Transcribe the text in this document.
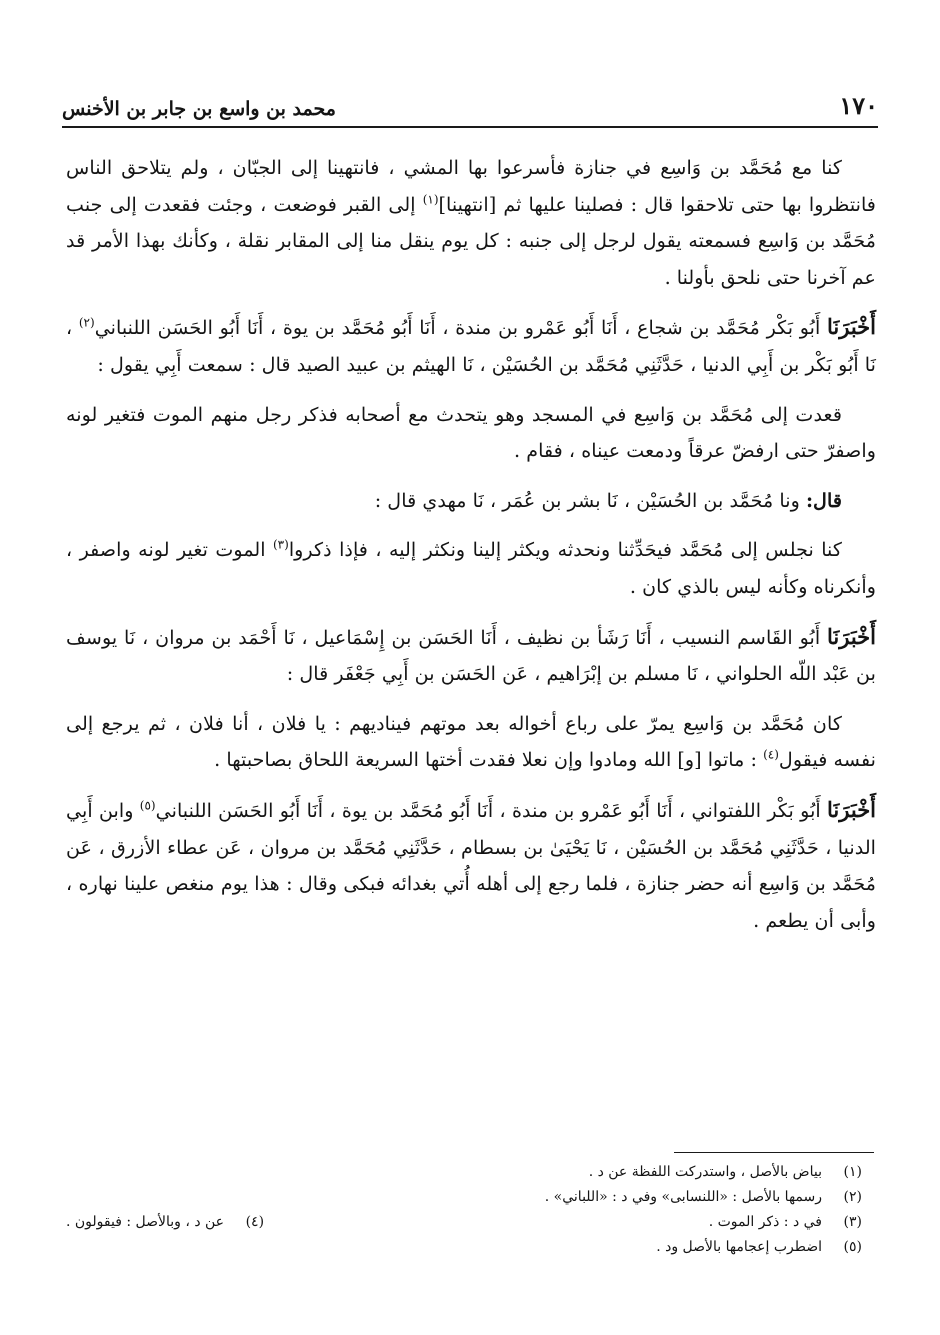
١٧٠
محمد بن واسع بن جابر بن الأخنس

كنا مع مُحَمَّد بن وَاسِع في جنازة فأسرعوا بها المشي ، فانتهينا إلى الجبّان ، ولم يتلاحق الناس فانتظروا بها حتى تلاحقوا قال : فصلينا عليها ثم [انتهينا]$^{(١)}$ إلى القبر فوضعت ، وجئت فقعدت إلى جنب مُحَمَّد بن وَاسِع فسمعته يقول لرجل إلى جنبه : كل يوم ينقل منا إلى المقابر نقلة ، وكأنك بهذا الأمر قد عم آخرنا حتى نلحق بأولنا .

أَخْبَرَنَا أَبُو بَكْر مُحَمَّد بن شجاع ، أَنَا أَبُو عَمْرو بن مندة ، أَنَا أَبُو مُحَمَّد بن يوة ، أَنَا أَبُو الحَسَن اللنباني$^{(٢)}$ ، نَا أَبُو بَكْر بن أَبِي الدنيا ، حَدَّثَنِي مُحَمَّد بن الحُسَيْن ، نَا الهيثم بن عبيد الصيد قال : سمعت أَبِي يقول :

قعدت إلى مُحَمَّد بن وَاسِع في المسجد وهو يتحدث مع أصحابه فذكر رجل منهم الموت فتغير لونه واصفرّ حتى ارفضّ عرقاً ودمعت عيناه ، فقام .

قال: ونا مُحَمَّد بن الحُسَيْن ، نَا بشر بن عُمَر ، نَا مهدي قال :

كنا نجلس إلى مُحَمَّد فيحَدِّثنا ونحدثه ويكثر إلينا ونكثر إليه ، فإذا ذكروا$^{(٣)}$ الموت تغير لونه واصفر ، وأنكرناه وكأنه ليس بالذي كان .

أَخْبَرَنَا أَبُو القَاسم النسيب ، أَنَا رَشَأ بن نظيف ، أَنَا الحَسَن بن إِسْمَاعيل ، نَا أَحْمَد بن مروان ، نَا يوسف بن عَبْد اللّه الحلواني ، نَا مسلم بن إبْرَاهيم ، عَن الحَسَن بن أَبِي جَعْفَر قال :

كان مُحَمَّد بن وَاسِع يمرّ على رباع أخواله بعد موتهم فيناديهم : يا فلان ، أنا فلان ، ثم يرجع إلى نفسه فيقول$^{(٤)}$ : ماتوا [و] الله ومادوا وإن نعلا فقدت أختها السريعة اللحاق بصاحبتها .

أَخْبَرَنَا أَبُو بَكْر اللفتواني ، أَنَا أَبُو عَمْرو بن مندة ، أَنَا أَبُو مُحَمَّد بن يوة ، أَنَا أَبُو الحَسَن اللنباني$^{(٥)}$ وابن أَبِي الدنيا ، حَدَّثَنِي مُحَمَّد بن الحُسَيْن ، نَا يَحْيَىٰ بن بسطام ، حَدَّثَنِي مُحَمَّد بن مروان ، عَن عطاء الأزرق ، عَن مُحَمَّد بن وَاسِع أنه حضر جنازة ، فلما رجع إلى أهله أُتي بغدائه فبكى وقال : هذا يوم منغص علينا نهاره ، وأبى أن يطعم .

(١)
بياض بالأصل ، واستدركت اللفظة عن د .
(٢)
رسمها بالأصل : «اللنسابى» وفي د : «اللباني» .
(٣)
في د : ذكر الموت .
(٤)
عن د ، وبالأصل : فيقولون .
(٥)
اضطرب إعجامها بالأصل ود .
